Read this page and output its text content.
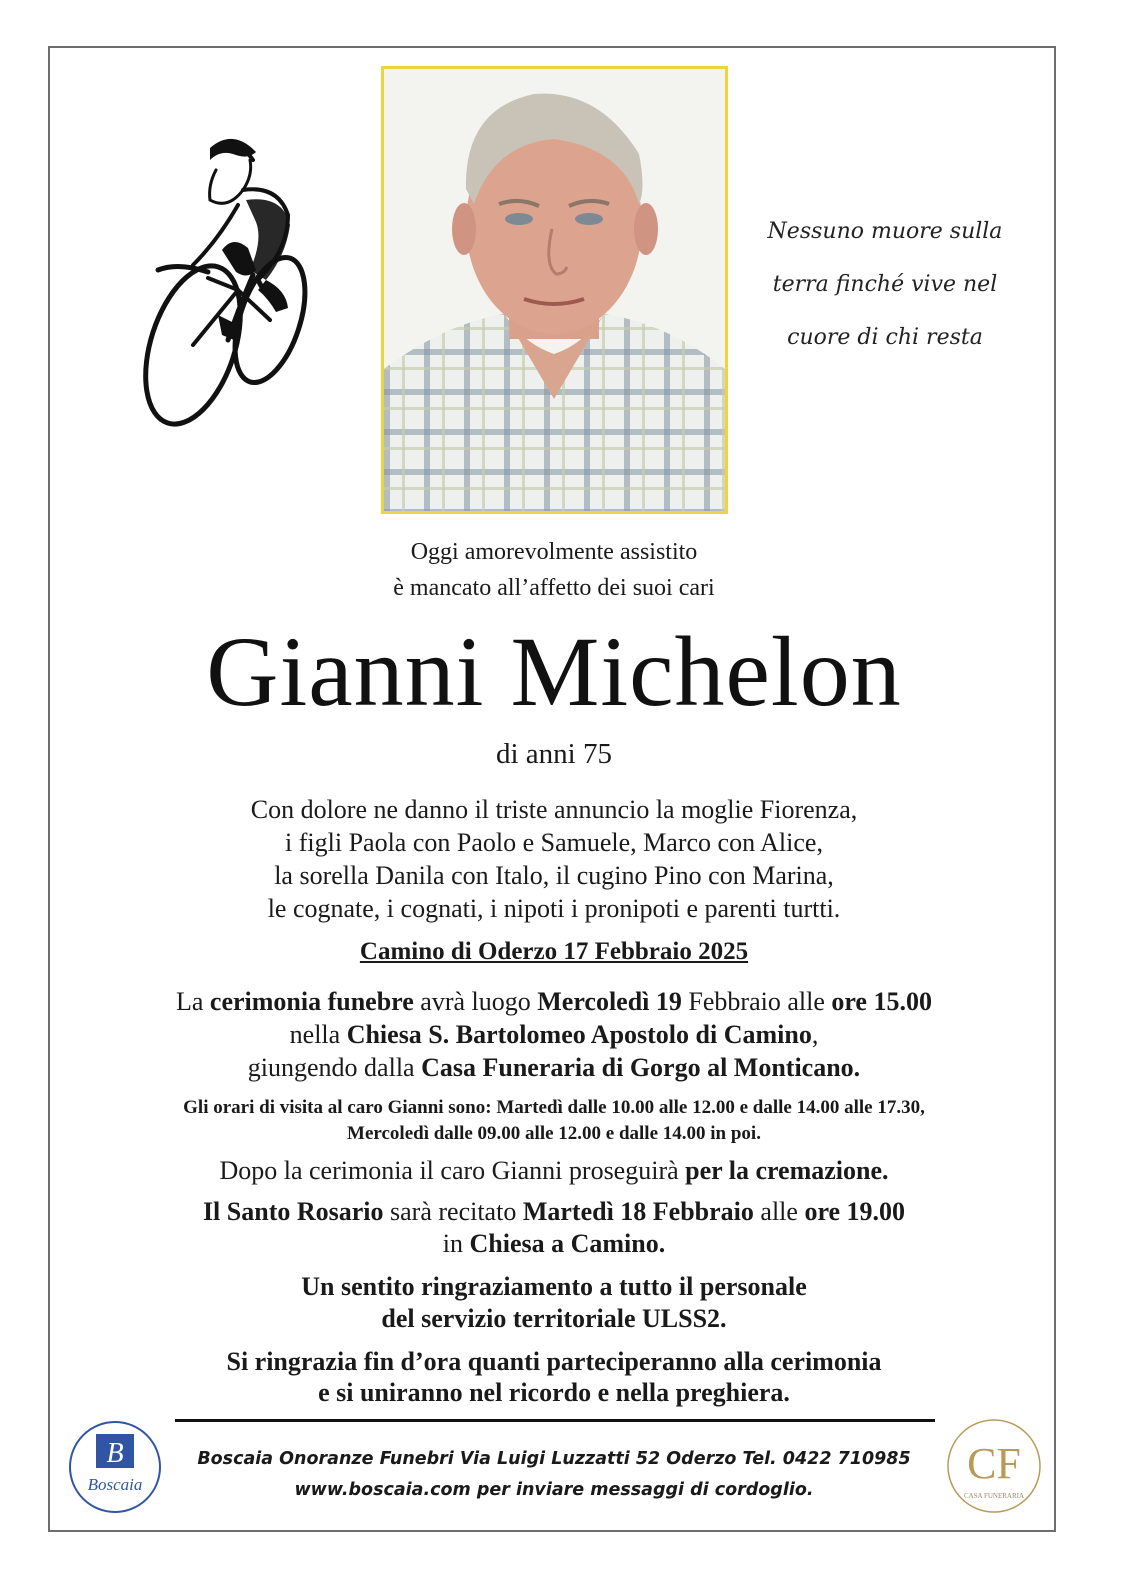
Nessuno muore sulla
terra finché vive nel
cuore di chi resta
Oggi amorevolmente assistito
è mancato all’affetto dei suoi cari
Gianni Michelon
di anni 75
Con dolore ne danno il triste annuncio la moglie Fiorenza,
i figli Paola con Paolo e Samuele, Marco con Alice,
la sorella Danila con Italo, il cugino Pino con Marina,
le cognate, i cognati, i nipoti i pronipoti e parenti turtti.
Camino di Oderzo 17 Febbraio 2025
La cerimonia funebre avrà luogo Mercoledì 19 Febbraio alle ore 15.00
nella Chiesa S. Bartolomeo Apostolo di Camino,
giungendo dalla Casa Funeraria di Gorgo al Monticano.
Gli orari di visita al caro Gianni sono: Martedì dalle 10.00 alle 12.00 e dalle 14.00 alle 17.30,
Mercoledì dalle 09.00 alle 12.00 e dalle 14.00 in poi.
Dopo la cerimonia il caro Gianni proseguirà per la cremazione.
Il Santo Rosario sarà recitato Martedì 18 Febbraio alle ore 19.00
in Chiesa a Camino.
Un sentito ringraziamento a tutto il personale
del servizio territoriale ULSS2.
Si ringrazia fin d’ora quanti parteciperanno alla cerimonia
e si uniranno nel ricordo e nella preghiera.
B
Boscaia
Boscaia Onoranze Funebri Via Luigi Luzzatti 52 Oderzo Tel. 0422 710985
www.boscaia.com per inviare messaggi di cordoglio.
CF
CASA FUNERARIA
